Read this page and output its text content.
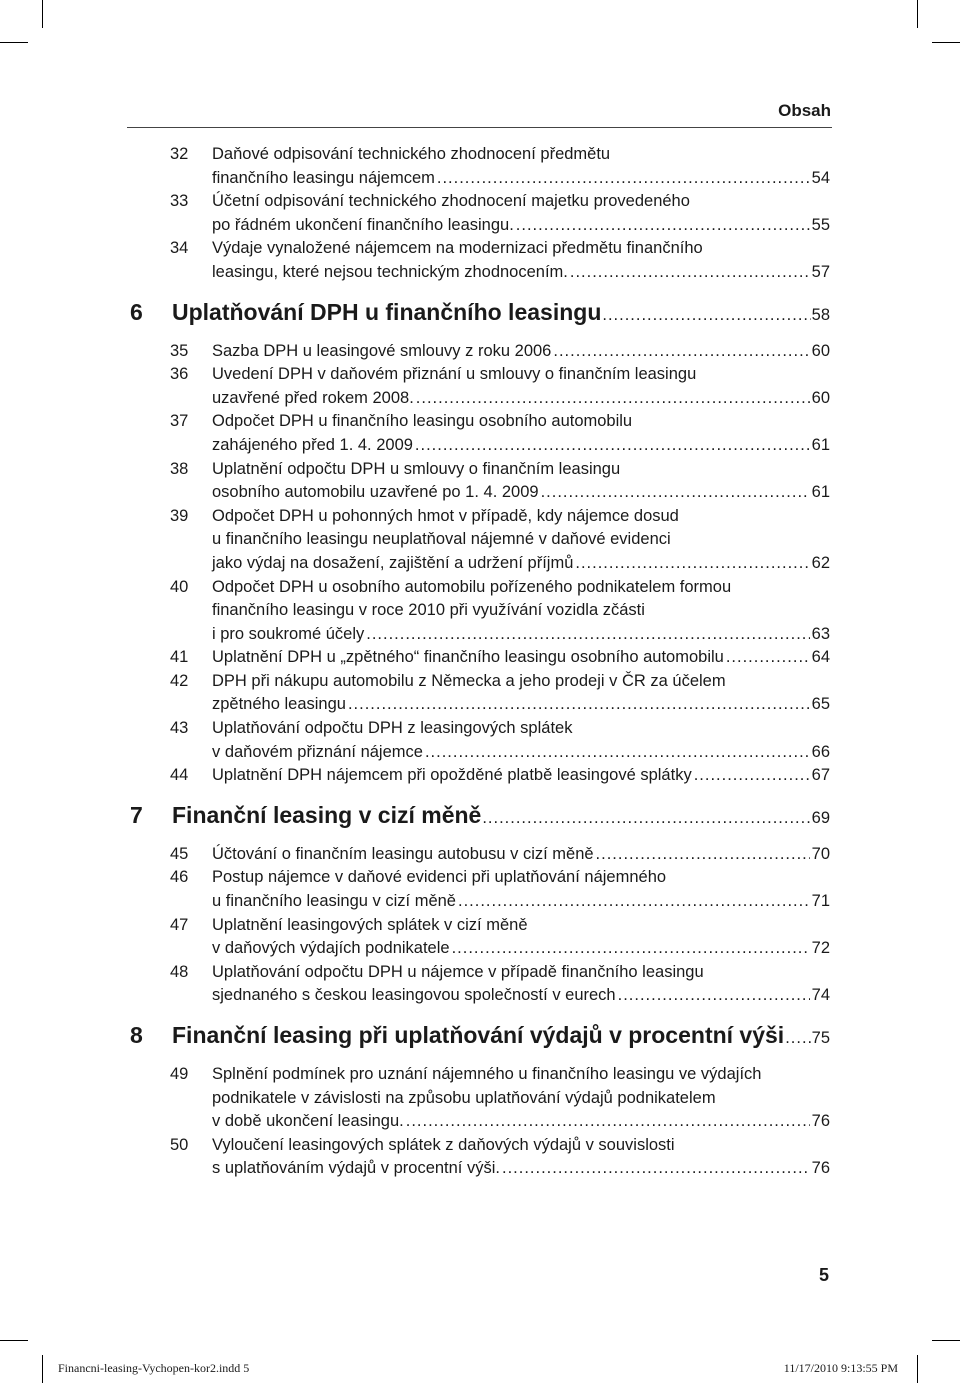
Obsah
32 Daňové odpisování technického zhodnocení předmětu
finančního leasingu nájemcem .....	54
33 Účetní odpisování technického zhodnocení majetku provedeného
po řádném ukončení finančního leasingu. .....	55
34 Výdaje vynaložené nájemcem na modernizaci předmětu finančního
leasingu, které nejsou technickým zhodnocením. .....	57
6	Uplatňování DPH u finančního leasingu .....	58
35 Sazba DPH u leasingové smlouvy z roku 2006 .....	60
36 Uvedení DPH v daňovém přiznání u smlouvy o finančním leasingu
uzavřené před rokem 2008. .....	60
37 Odpočet DPH u finančního leasingu osobního automobilu
zahájeného před 1. 4. 2009 .....	61
38 Uplatnění odpočtu DPH u smlouvy o finančním leasingu
osobního automobilu uzavřené po 1. 4. 2009 .....	61
39 Odpočet DPH u pohonných hmot v případě, kdy nájemce dosud
u finančního leasingu neuplatňoval nájemné v daňové evidenci
jako výdaj na dosažení, zajištění a udržení příjmů .....	62
40 Odpočet DPH u osobního automobilu pořízeného podnikatelem formou
finančního leasingu v roce 2010 při využívání vozidla zčásti
i pro soukromé účely .....	63
41 Uplatnění DPH u „zpětného“ finančního leasingu osobního automobilu .....	64
42 DPH při nákupu automobilu z Německa a jeho prodeji v ČR za účelem
zpětného leasingu .....	65
43 Uplatňování odpočtu DPH z leasingových splátek
v daňovém přiznání nájemce .....	66
44 Uplatnění DPH nájemcem při opožděné platbě leasingové splátky .....	67
7	Finanční leasing v cizí měně .....	69
45 Účtování o finančním leasingu autobusu v cizí měně .....	70
46 Postup nájemce v daňové evidenci při uplatňování nájemného
u finančního leasingu v cizí měně .....	71
47 Uplatnění leasingových splátek v cizí měně
v daňových výdajích podnikatele .....	72
48 Uplatňování odpočtu DPH u nájemce v případě finančního leasingu
sjednaného s českou leasingovou společností v eurech .....	74
8	Finanční leasing při uplatňování výdajů v procentní výši ..... 75
49 Splnění podmínek pro uznání nájemného u finančního leasingu ve výdajích
podnikatele v závislosti na způsobu uplatňování výdajů podnikatelem
v době ukončení leasingu. .....	76
50 Vyloučení leasingových splátek z daňových výdajů v souvislosti
s uplatňováním výdajů v procentní výši. .....	76
5
Financni-leasing-Vychopen-kor2.indd 5	11/17/2010 9:13:55 PM
